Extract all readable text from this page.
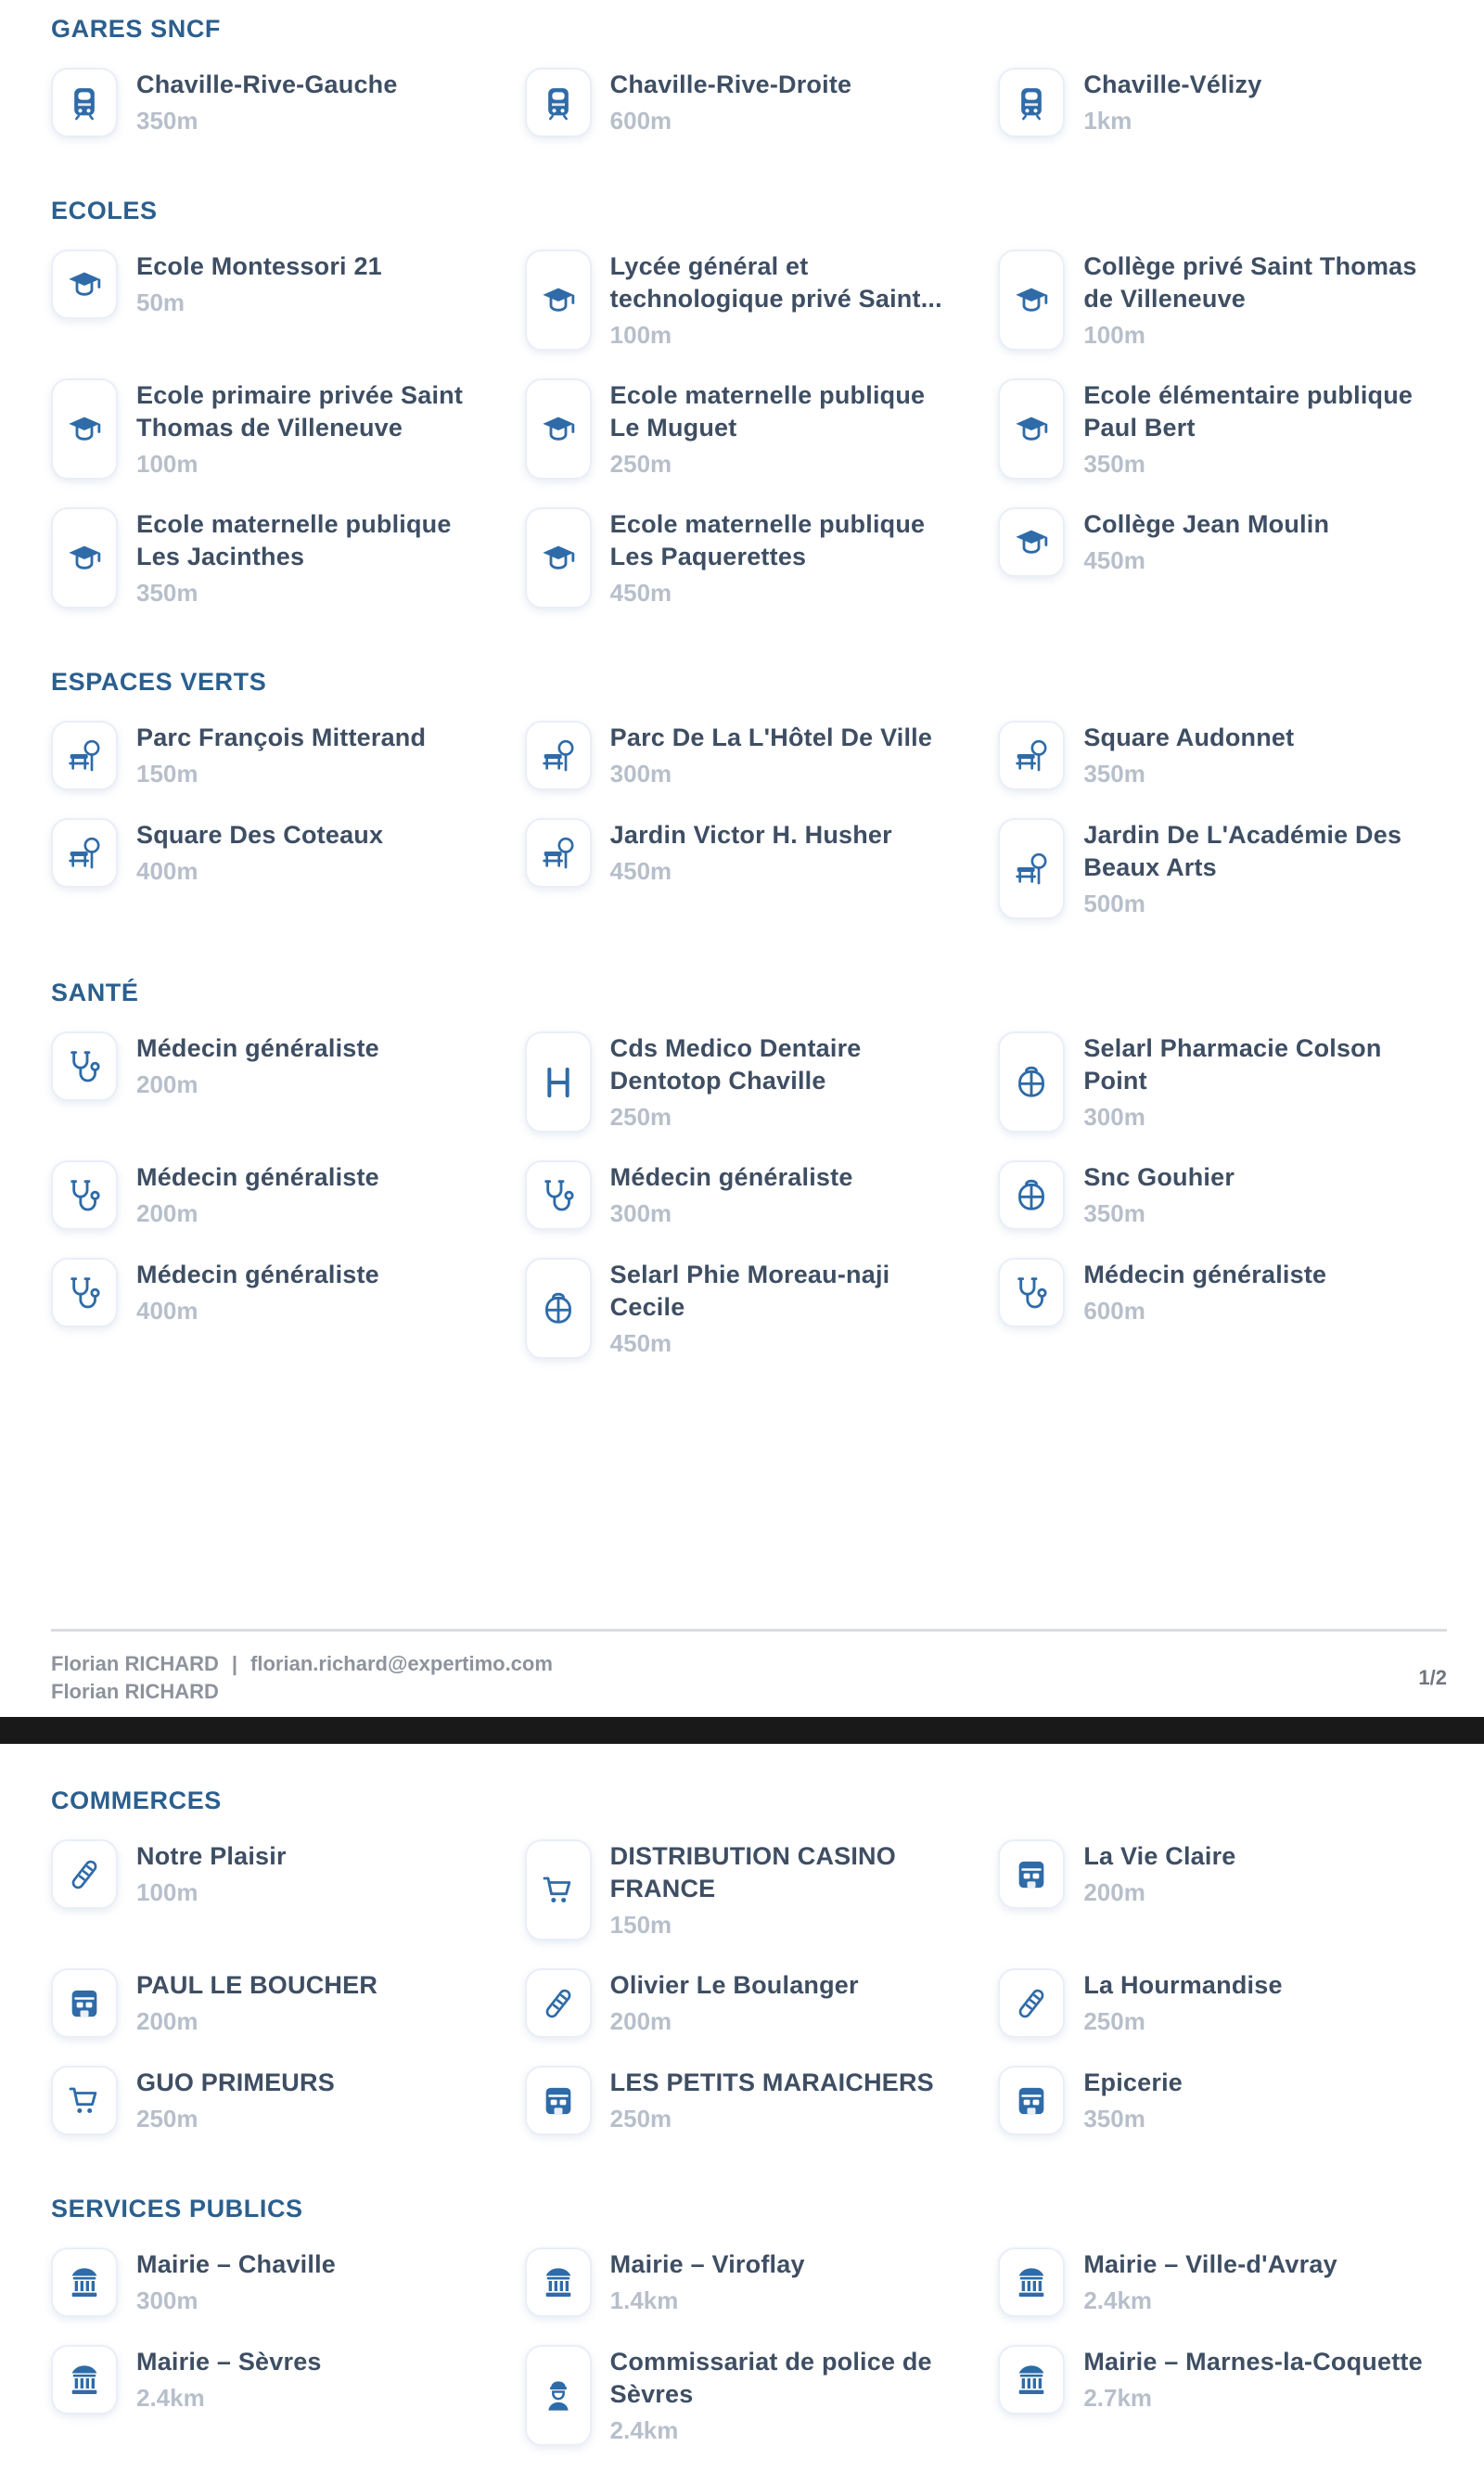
GARES SNCF
Chaville-Rive-Gauche
350m
Chaville-Rive-Droite
600m
Chaville-Vélizy
1km
ECOLES
Ecole Montessori 21
50m
Lycée général et technologique privé Saint...
100m
Collège privé Saint Thomas de Villeneuve
100m
Ecole primaire privée Saint Thomas de Villeneuve
100m
Ecole maternelle publique Le Muguet
250m
Ecole élémentaire publique Paul Bert
350m
Ecole maternelle publique Les Jacinthes
350m
Ecole maternelle publique Les Paquerettes
450m
Collège Jean Moulin
450m
ESPACES VERTS
Parc François Mitterand
150m
Parc De La L'Hôtel De Ville
300m
Square Audonnet
350m
Square Des Coteaux
400m
Jardin Victor H. Husher
450m
Jardin De L'Académie Des Beaux Arts
500m
SANTÉ
Médecin généraliste
200m
Cds Medico Dentaire Dentotop Chaville
250m
Selarl Pharmacie Colson Point
300m
Médecin généraliste
200m
Médecin généraliste
300m
Snc Gouhier
350m
Médecin généraliste
400m
Selarl Phie Moreau-naji Cecile
450m
Médecin généraliste
600m
Florian RICHARD | florian.richard@expertimo.com
Florian RICHARD
1/2
COMMERCES
Notre Plaisir
100m
DISTRIBUTION CASINO FRANCE
150m
La Vie Claire
200m
PAUL LE BOUCHER
200m
Olivier Le Boulanger
200m
La Hourmandise
250m
GUO PRIMEURS
250m
LES PETITS MARAICHERS
250m
Epicerie
350m
SERVICES PUBLICS
Mairie – Chaville
300m
Mairie – Viroflay
1.4km
Mairie – Ville-d'Avray
2.4km
Mairie – Sèvres
2.4km
Commissariat de police de Sèvres
2.4km
Mairie – Marnes-la-Coquette
2.7km
